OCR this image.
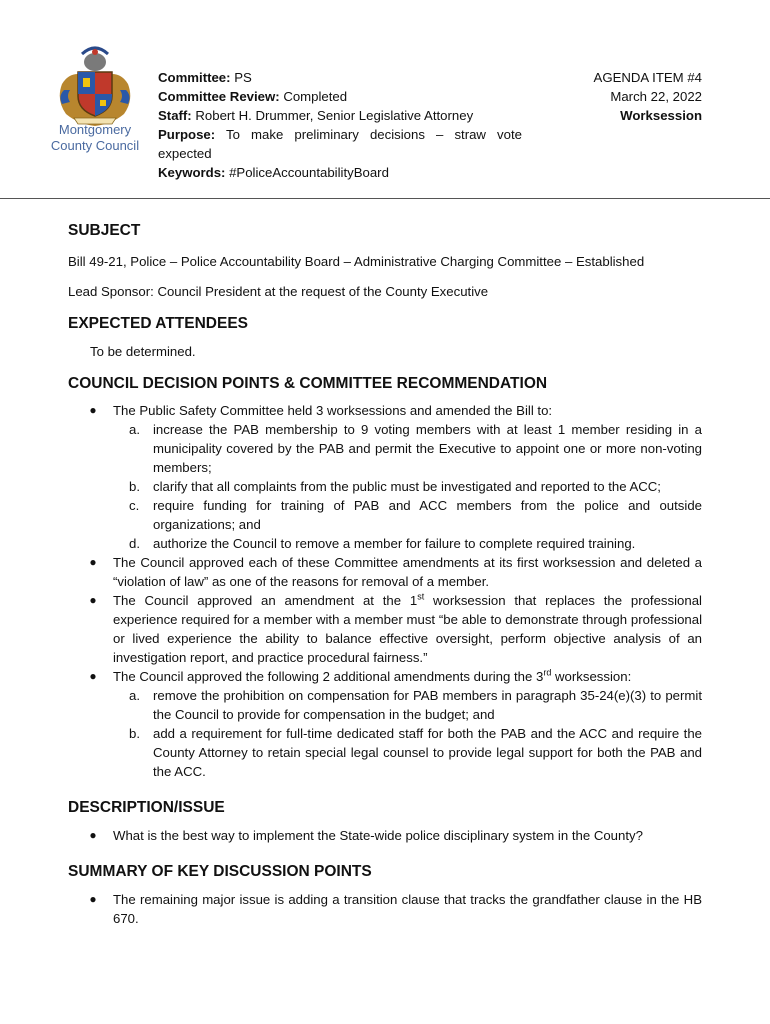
Montgomery
County Council
Committee: PS
Committee Review: Completed
Staff: Robert H. Drummer, Senior Legislative Attorney
Purpose: To make preliminary decisions – straw vote expected
Keywords: #PoliceAccountabilityBoard
AGENDA ITEM #4
March 22, 2022
Worksession
SUBJECT

Bill 49-21, Police – Police Accountability Board – Administrative Charging Committee – Established

Lead Sponsor: Council President at the request of the County Executive

EXPECTED ATTENDEES

To be determined.

COUNCIL DECISION POINTS & COMMITTEE RECOMMENDATION
● The Public Safety Committee held 3 worksessions and amended the Bill to:
a. increase the PAB membership to 9 voting members with at least 1 member residing in a municipality covered by the PAB and permit the Executive to appoint one or more non-voting members;
b. clarify that all complaints from the public must be investigated and reported to the ACC;
c.	require funding for training of PAB and ACC members from the police and outside organizations; and
d. authorize the Council to remove a member for failure to complete required training.
● The Council approved each of these Committee amendments at its first worksession and deleted a “violation of law” as one of the reasons for removal of a member.
● The Council approved an amendment at the 1st worksession that replaces the professional experience required for a member with a member must “be able to demonstrate through professional or lived experience the ability to balance effective oversight, perform objective analysis of an investigation report, and practice procedural fairness.”
● The Council approved the following 2 additional amendments during the 3rd worksession:
a. remove the prohibition on compensation for PAB members in paragraph 35-24(e)(3) to permit the Council to provide for compensation in the budget; and
b. add a requirement for full-time dedicated staff for both the PAB and the ACC and require the County Attorney to retain special legal counsel to provide legal support for both the PAB and the ACC.
DESCRIPTION/ISSUE
● What is the best way to implement the State-wide police disciplinary system in the County?
SUMMARY OF KEY DISCUSSION POINTS
● The remaining major issue is adding a transition clause that tracks the grandfather clause in the HB 670.
